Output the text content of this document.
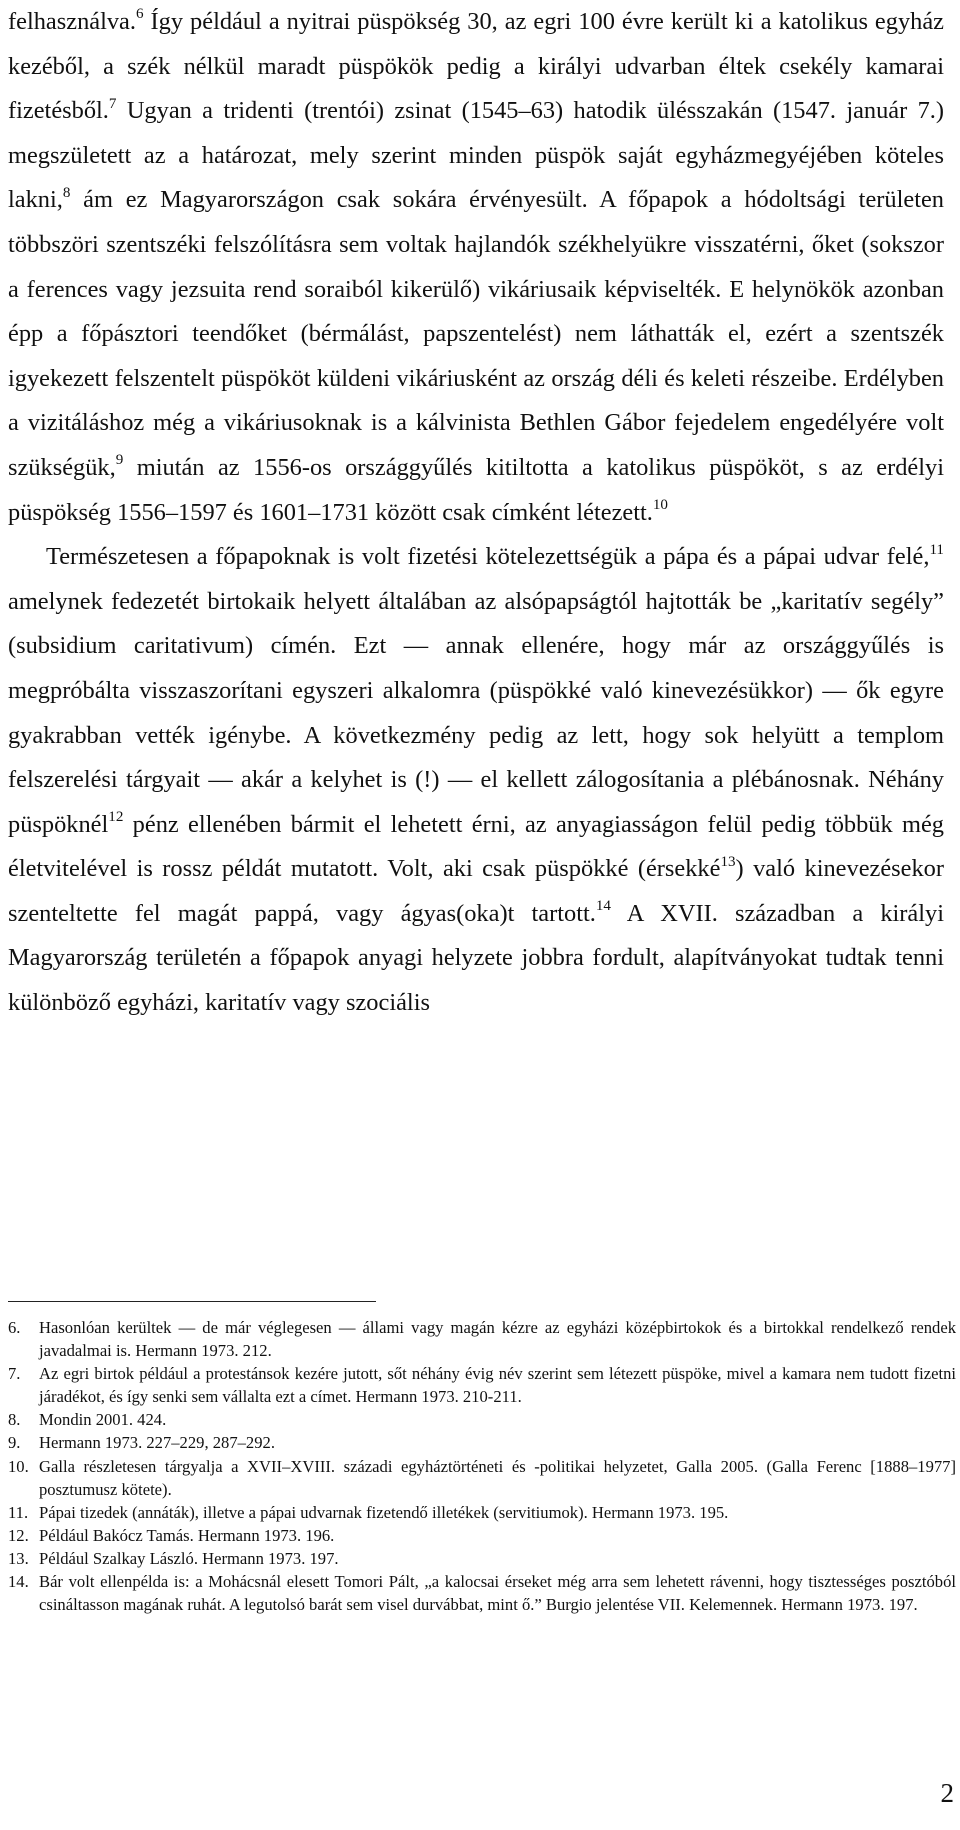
felhasználva.$^6$ Így például a nyitrai püspökség 30, az egri 100 évre került ki a katolikus egyház kezéből, a szék nélkül maradt püspökök pedig a királyi udvarban éltek csekély kamarai fizetésből.$^7$ Ugyan a tridenti (trentói) zsinat (1545–63) hatodik ülésszakán (1547. január 7.) megszületett az a határozat, mely szerint minden püspök saját egyházmegyéjében köteles lakni,$^8$ ám ez Magyarországon csak sokára érvényesült. A főpapok a hódoltsági területen többszöri szentszéki felszólításra sem voltak hajlandók székhelyükre visszatérni, őket (sokszor a ferences vagy jezsuita rend soraiból kikerülő) vikáriusaik képviselték. E helynökök azonban épp a főpásztori teendőket (bérmálást, papszentelést) nem láthatták el, ezért a szentszék igyekezett felszentelt püspököt küldeni vikáriusként az ország déli és keleti részeibe. Erdélyben a vizitáláshoz még a vikáriusoknak is a kálvinista Bethlen Gábor fejedelem engedélyére volt szükségük,$^9$ miután az 1556-os országgyűlés kitiltotta a katolikus püspököt, s az erdélyi püspökség 1556–1597 és 1601–1731 között csak címként létezett.$^{10}$

Természetesen a főpapoknak is volt fizetési kötelezettségük a pápa és a pápai udvar felé,$^{11}$ amelynek fedezetét birtokaik helyett általában az alsópapságtól hajtották be „karitatív segély” (subsidium caritativum) címén. Ezt — annak ellenére, hogy már az országgyűlés is megpróbálta visszaszorítani egyszeri alkalomra (püspökké való kinevezésükkor) — ők egyre gyakrabban vették igénybe. A következmény pedig az lett, hogy sok helyütt a templom felszerelési tárgyait — akár a kelyhet is (!) — el kellett zálogosítania a plébánosnak. Néhány püspöknél$^{12}$ pénz ellenében bármit el lehetett érni, az anyagiasságon felül pedig többük még életvitelével is rossz példát mutatott. Volt, aki csak püspökké (érsekké$^{13}$) való kinevezésekor szenteltette fel magát pappá, vagy ágyas(oka)t tartott.$^{14}$ A XVII. században a királyi Magyarország területén a főpapok anyagi helyzete jobbra fordult, alapítványokat tudtak tenni különböző egyházi, karitatív vagy szociális

6.	Hasonlóan kerültek — de már véglegesen — állami vagy magán kézre az egyházi középbirtokok és a birtokkal rendelkező rendek javadalmai is. Hermann 1973. 212.
7.	Az egri birtok például a protestánsok kezére jutott, sőt néhány évig név szerint sem létezett püspöke, mivel a kamara nem tudott fizetni járadékot, és így senki sem vállalta ezt a címet. Hermann 1973. 210-211.
8.	Mondin 2001. 424.
9.	Hermann 1973. 227–229, 287–292.
10. Galla részletesen tárgyalja a XVII–XVIII. századi egyháztörténeti és -politikai helyzetet, Galla 2005. (Galla Ferenc [1888–1977] posztumusz kötete).
11. Pápai tizedek (annáták), illetve a pápai udvarnak fizetendő illetékek (servitiumok). Hermann 1973. 195.
12. Például Bakócz Tamás. Hermann 1973. 196.
13. Például Szalkay László. Hermann 1973. 197.
14. Bár volt ellenpélda is: a Mohácsnál elesett Tomori Pált, „a kalocsai érseket még arra sem lehetett rávenni, hogy tisztességes posztóból csináltasson magának ruhát. A legutolsó barát sem visel durvábbat, mint ő.” Burgio jelentése VII. Kelemennek. Hermann 1973. 197.
2
